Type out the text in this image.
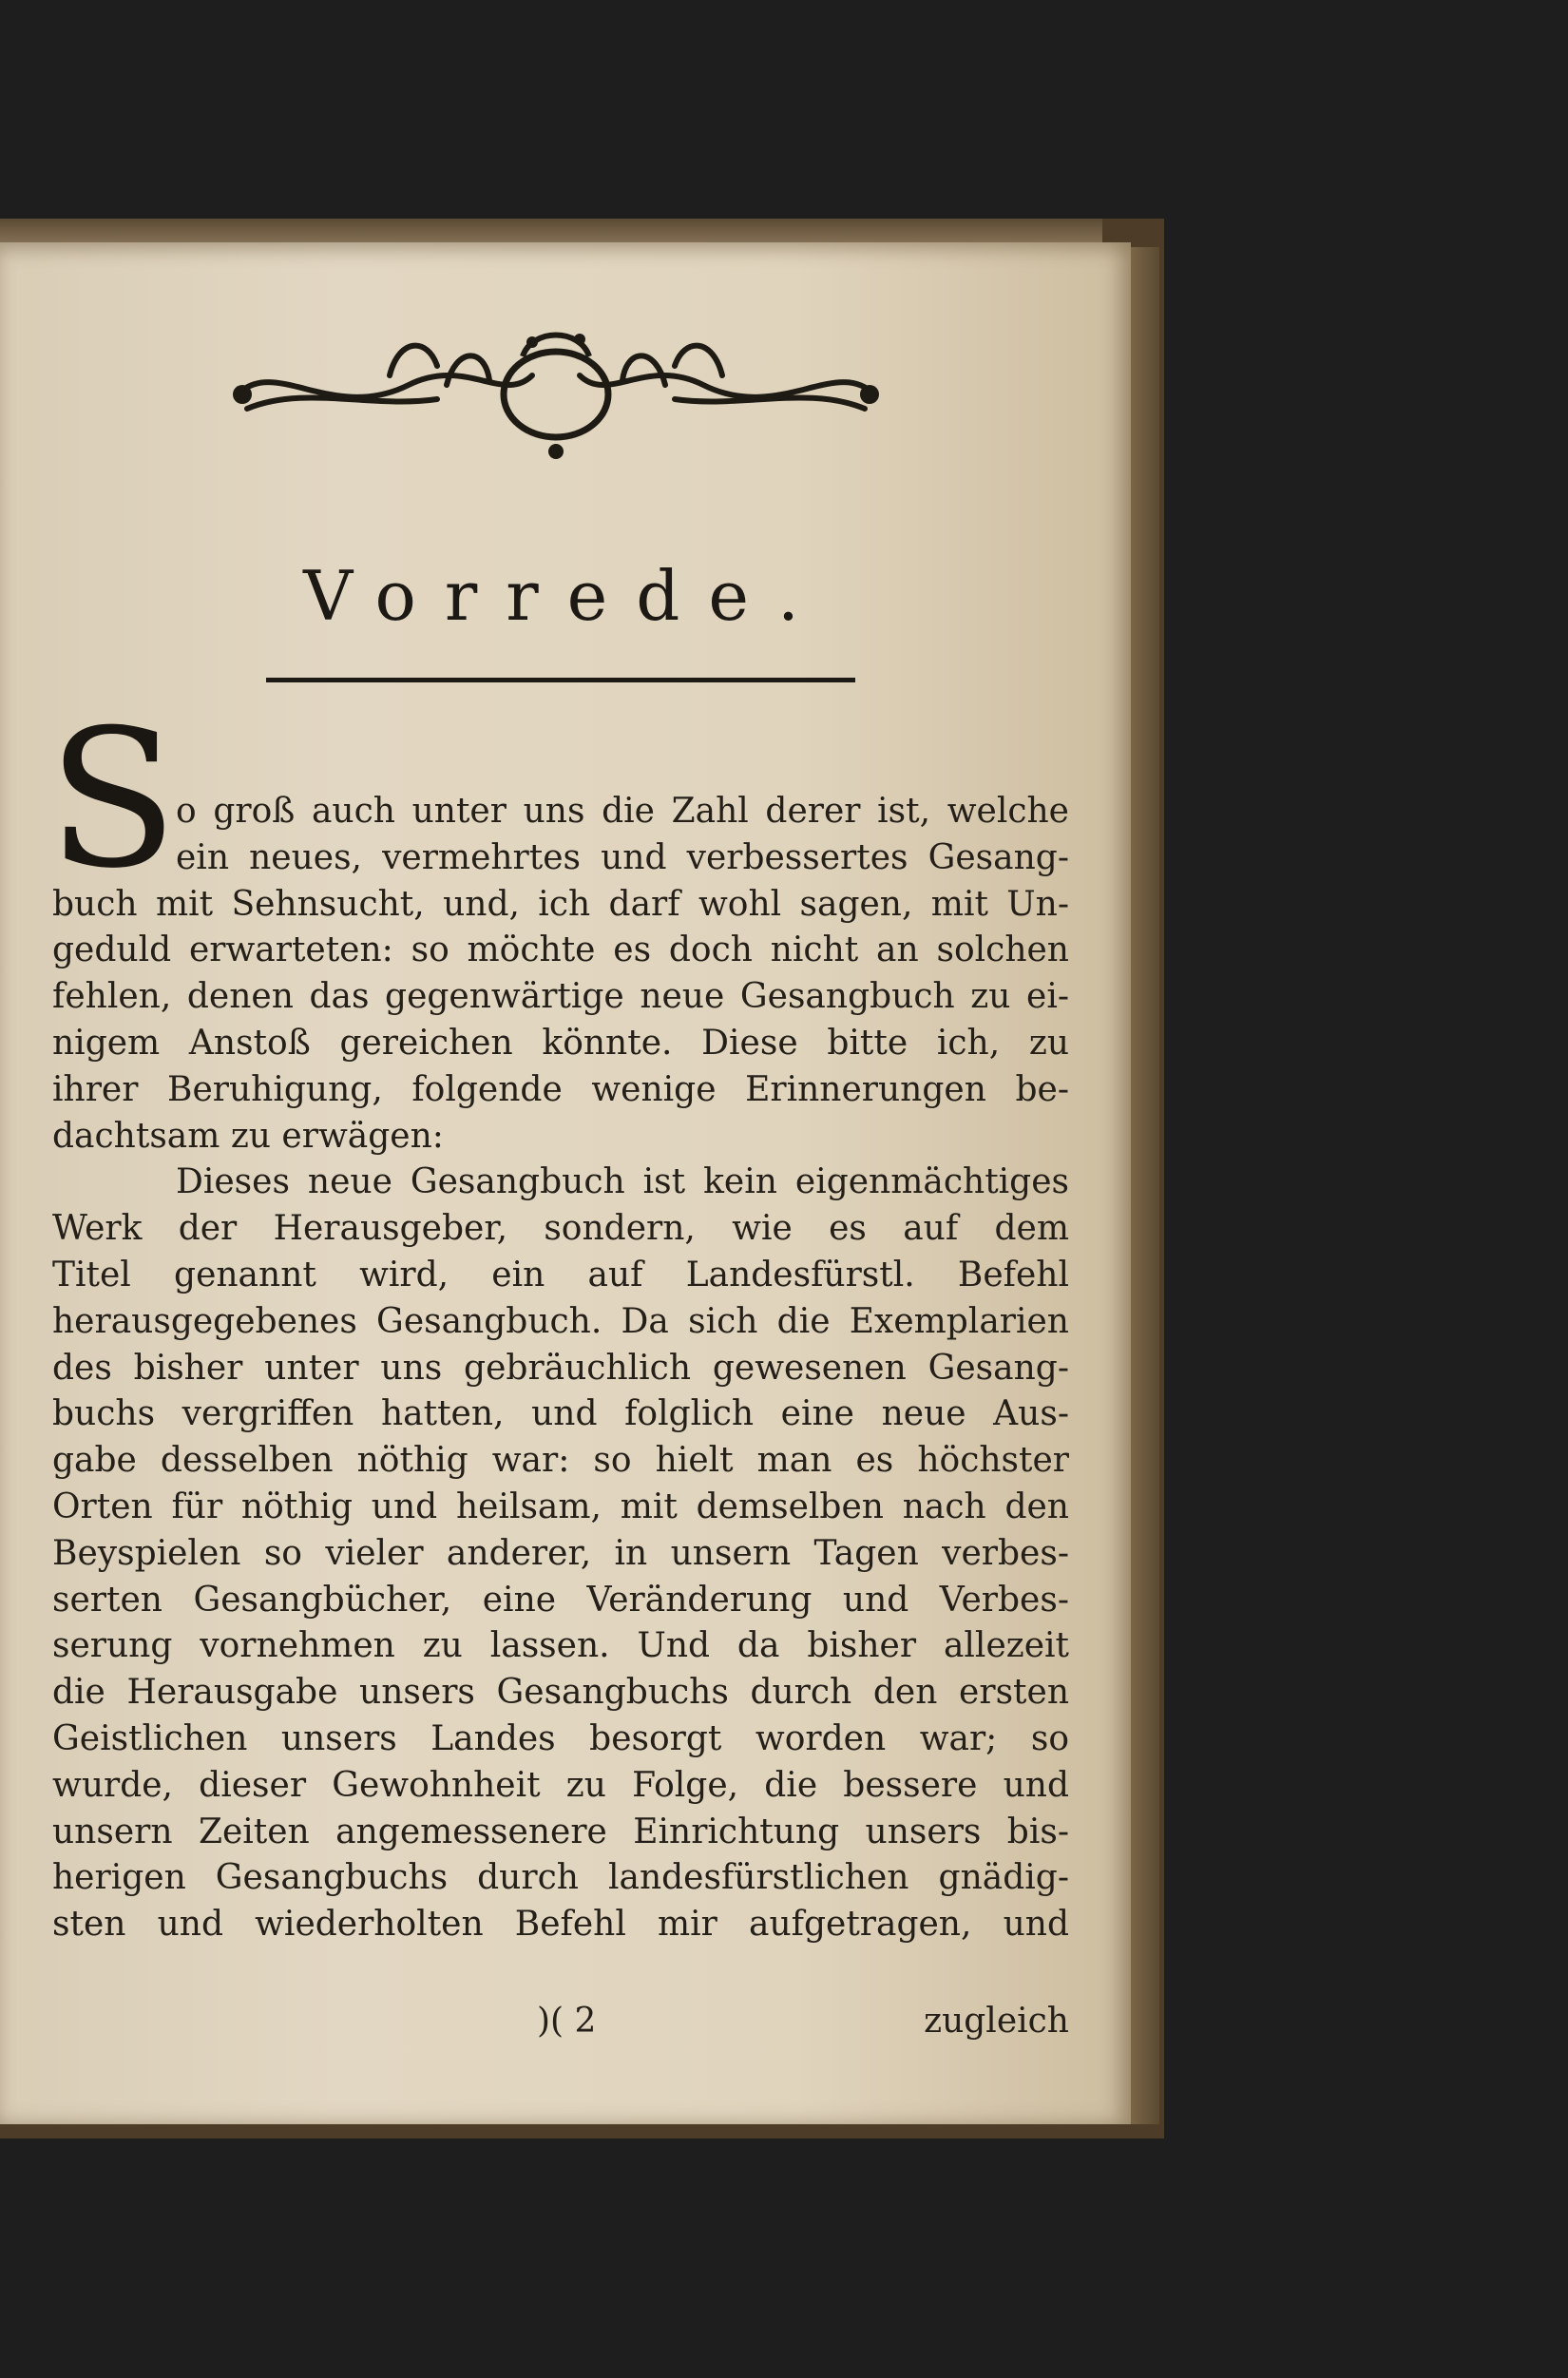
Vorrede.
S
o groß auch unter uns die Zahl derer ist, welche
ein neues, vermehrtes und verbessertes Gesang-
buch mit Sehnsucht, und, ich darf wohl sagen, mit Un-
geduld erwarteten: so möchte es doch nicht an solchen
fehlen, denen das gegenwärtige neue Gesangbuch zu ei-
nigem Anstoß gereichen könnte. Diese bitte ich, zu
ihrer Beruhigung, folgende wenige Erinnerungen be-
dachtsam zu erwägen:
Dieses neue Gesangbuch ist kein eigenmächtiges
Werk der Herausgeber, sondern, wie es auf dem
Titel genannt wird, ein auf Landesfürstl. Befehl
herausgegebenes Gesangbuch. Da sich die Exemplarien
des bisher unter uns gebräuchlich gewesenen Gesang-
buchs vergriffen hatten, und folglich eine neue Aus-
gabe desselben nöthig war: so hielt man es höchster
Orten für nöthig und heilsam, mit demselben nach den
Beyspielen so vieler anderer, in unsern Tagen verbes-
serten Gesangbücher, eine Veränderung und Verbes-
serung vornehmen zu lassen. Und da bisher allezeit
die Herausgabe unsers Gesangbuchs durch den ersten
Geistlichen unsers Landes besorgt worden war; so
wurde, dieser Gewohnheit zu Folge, die bessere und
unsern Zeiten angemessenere Einrichtung unsers bis-
herigen Gesangbuchs durch landesfürstlichen gnädig-
sten und wiederholten Befehl mir aufgetragen, und
)( 2	zugleich
